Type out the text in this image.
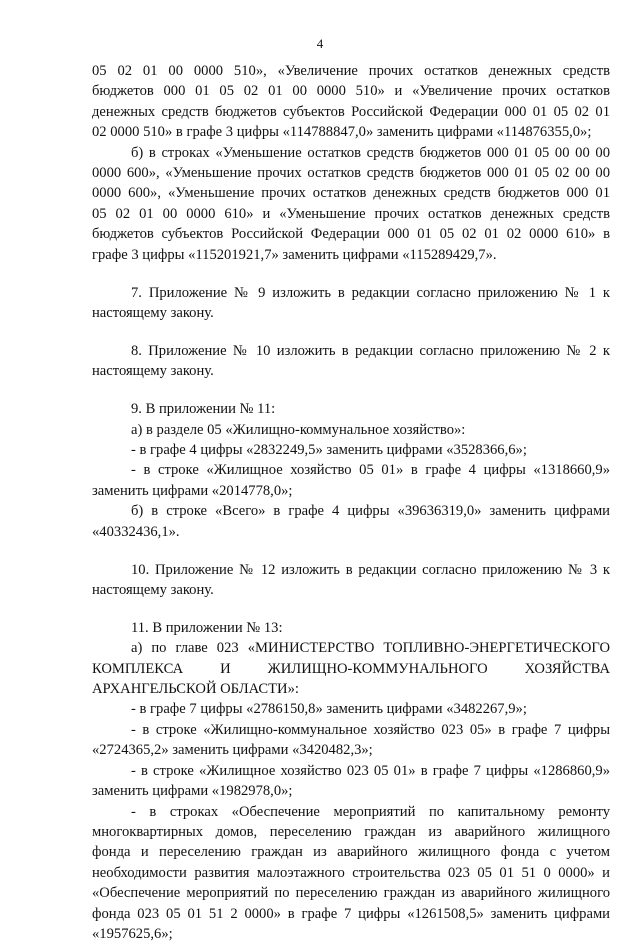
4
05 02 01 00 0000 510», «Увеличение прочих остатков денежных средств
бюджетов 000 01 05 02 01 00 0000 510» и «Увеличение прочих остатков
денежных средств бюджетов субъектов Российской Федерации 000 01 05 02 01
02 0000 510» в графе 3 цифры «114788847,0» заменить цифрами «114876355,0»;
б) в строках «Уменьшение остатков средств бюджетов 000 01 05 00 00 00
0000 600», «Уменьшение прочих остатков средств бюджетов 000 01 05 02 00 00
0000 600», «Уменьшение прочих остатков денежных средств бюджетов 000 01
05 02 01 00 0000 610» и «Уменьшение прочих остатков денежных средств
бюджетов субъектов Российской Федерации 000 01 05 02 01 02 0000 610» в
графе 3 цифры «115201921,7» заменить цифрами «115289429,7».
7. Приложение № 9 изложить в редакции согласно приложению № 1 к
настоящему закону.
8. Приложение № 10 изложить в редакции согласно приложению № 2 к
настоящему закону.
9. В приложении № 11:
а) в разделе 05 «Жилищно-коммунальное хозяйство»:
- в графе 4 цифры «2832249,5» заменить цифрами «3528366,6»;
- в строке «Жилищное хозяйство 05 01» в графе 4 цифры «1318660,9»
заменить цифрами «2014778,0»;
б) в строке «Всего» в графе 4 цифры «39636319,0» заменить цифрами
«40332436,1».
10. Приложение № 12 изложить в редакции согласно приложению № 3 к
настоящему закону.
11. В приложении № 13:
а) по главе 023 «МИНИСТЕРСТВО ТОПЛИВНО-ЭНЕРГЕТИЧЕСКОГО
КОМПЛЕКСА И ЖИЛИЩНО-КОММУНАЛЬНОГО ХОЗЯЙСТВА
АРХАНГЕЛЬСКОЙ ОБЛАСТИ»:
- в графе 7 цифры «2786150,8» заменить цифрами «3482267,9»;
- в строке «Жилищно-коммунальное хозяйство 023 05» в графе 7 цифры
«2724365,2» заменить цифрами «3420482,3»;
- в строке «Жилищное хозяйство 023 05 01» в графе 7 цифры «1286860,9»
заменить цифрами «1982978,0»;
- в строках «Обеспечение мероприятий по капитальному ремонту
многоквартирных домов, переселению граждан из аварийного жилищного
фонда и переселению граждан из аварийного жилищного фонда с учетом
необходимости развития малоэтажного строительства 023 05 01 51 0 0000» и
«Обеспечение мероприятий по переселению граждан из аварийного жилищного
фонда 023 05 01 51 2 0000» в графе 7 цифры «1261508,5» заменить цифрами
«1957625,6»;
